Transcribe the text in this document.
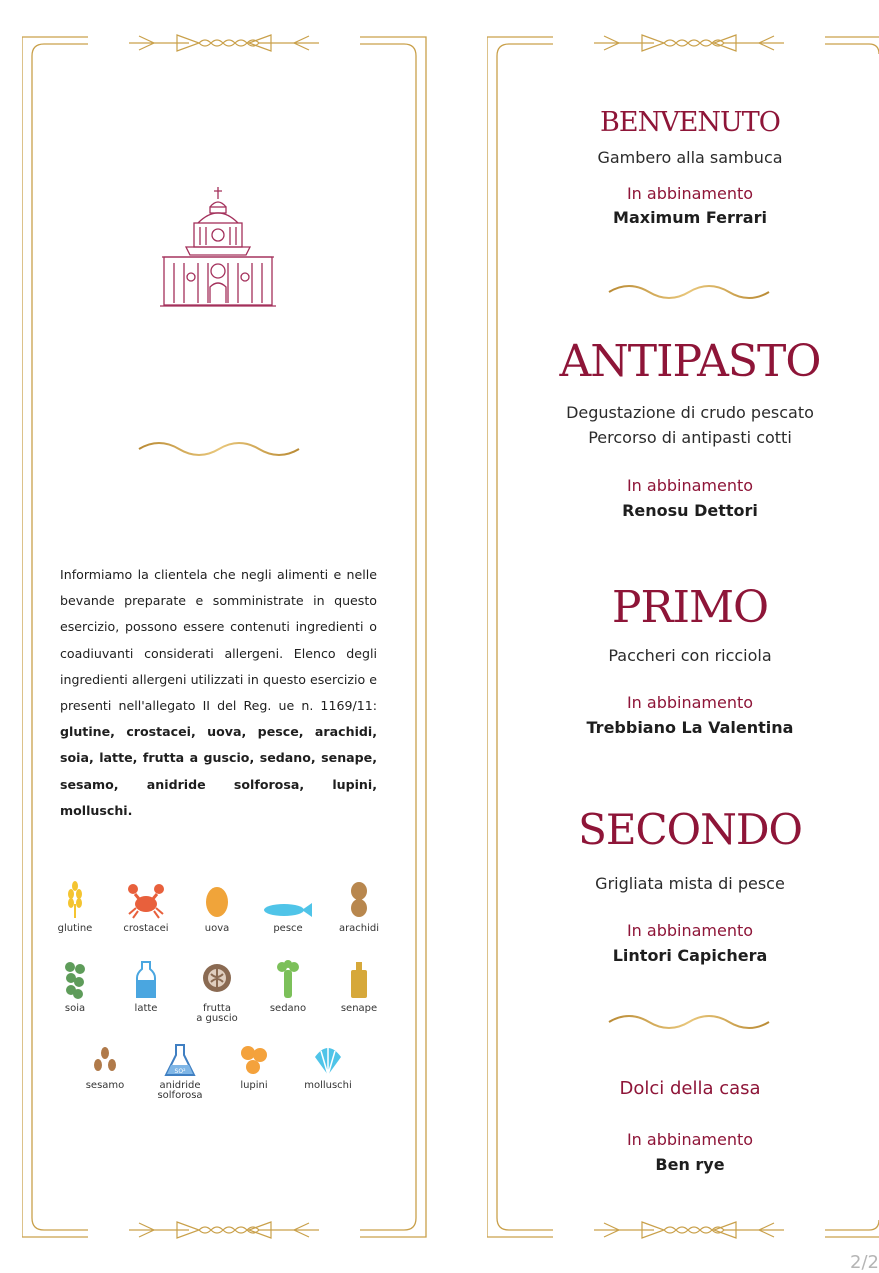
Informiamo la clientela che negli alimenti e nelle bevande preparate e somministrate in questo esercizio, possono essere contenuti ingredienti o coadiuvanti considerati allergeni. Elenco degli ingredienti allergeni utilizzati in questo esercizio e presenti nell'allegato II del Reg. ue n. 1169/11: glutine, crostacei, uova, pesce, arachidi, soia, latte, frutta a guscio, sedano, senape, sesamo, anidride solforosa, lupini, molluschi.
glutine	crostacei	uova	pesce	arachidi
soia	latte	frutta
a guscio
sedano	senape
sesamo
SO²
anidride
solforosa
lupini	molluschi
BENVENUTO
Gambero alla sambuca
In abbinamento
Maximum Ferrari
ANTIPASTO
Degustazione di crudo pescato
Percorso di antipasti cotti
In abbinamento
Renosu Dettori
PRIMO
Paccheri con ricciola
In abbinamento
Trebbiano La Valentina
SECONDO
Grigliata mista di pesce
In abbinamento
Lintori Capichera
Dolci della casa
In abbinamento
Ben rye
2/2
